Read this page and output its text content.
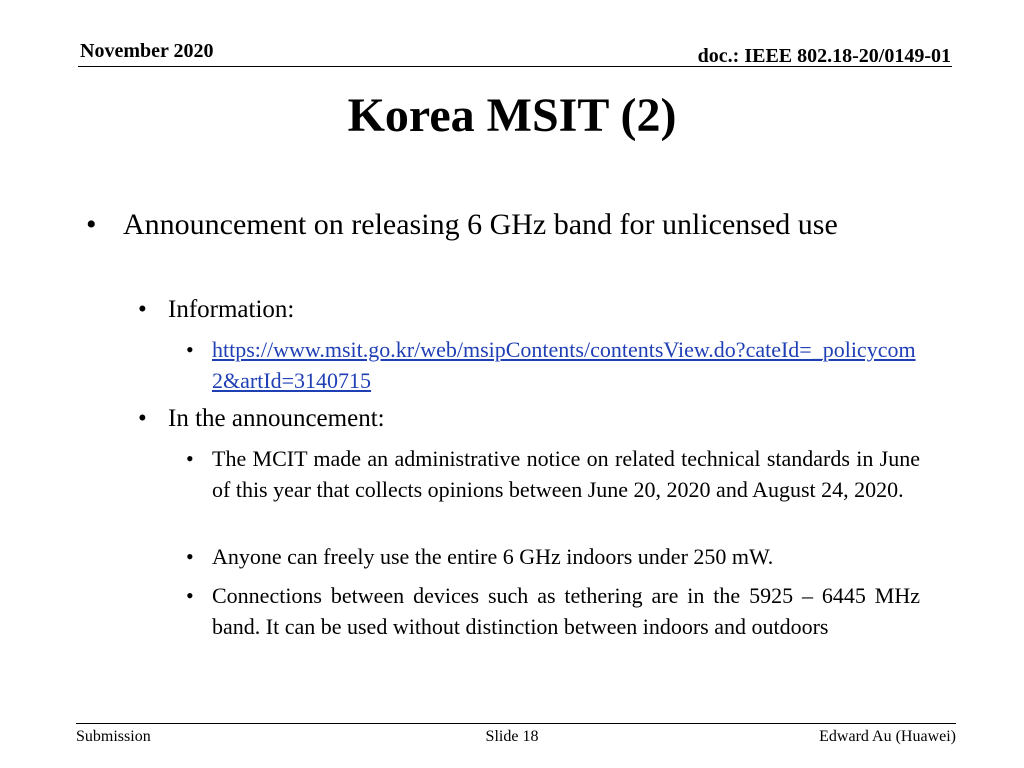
November 2020	doc.: IEEE 802.18-20/0149-01
Korea MSIT (2)
• Announcement on releasing 6 GHz band for unlicensed use
• Information:
• https://www.msit.go.kr/web/msipContents/contentsView.do?cateId=_policycom2&artId=3140715
• In the announcement:
• The MCIT made an administrative notice on related technical standards in June of this year that collects opinions between June 20, 2020 and August 24, 2020.
• Anyone can freely use the entire 6 GHz indoors under 250 mW.
• Connections between devices such as tethering are in the 5925 – 6445 MHz band. It can be used without distinction between indoors and outdoors
Submission	Slide 18	Edward Au (Huawei)
